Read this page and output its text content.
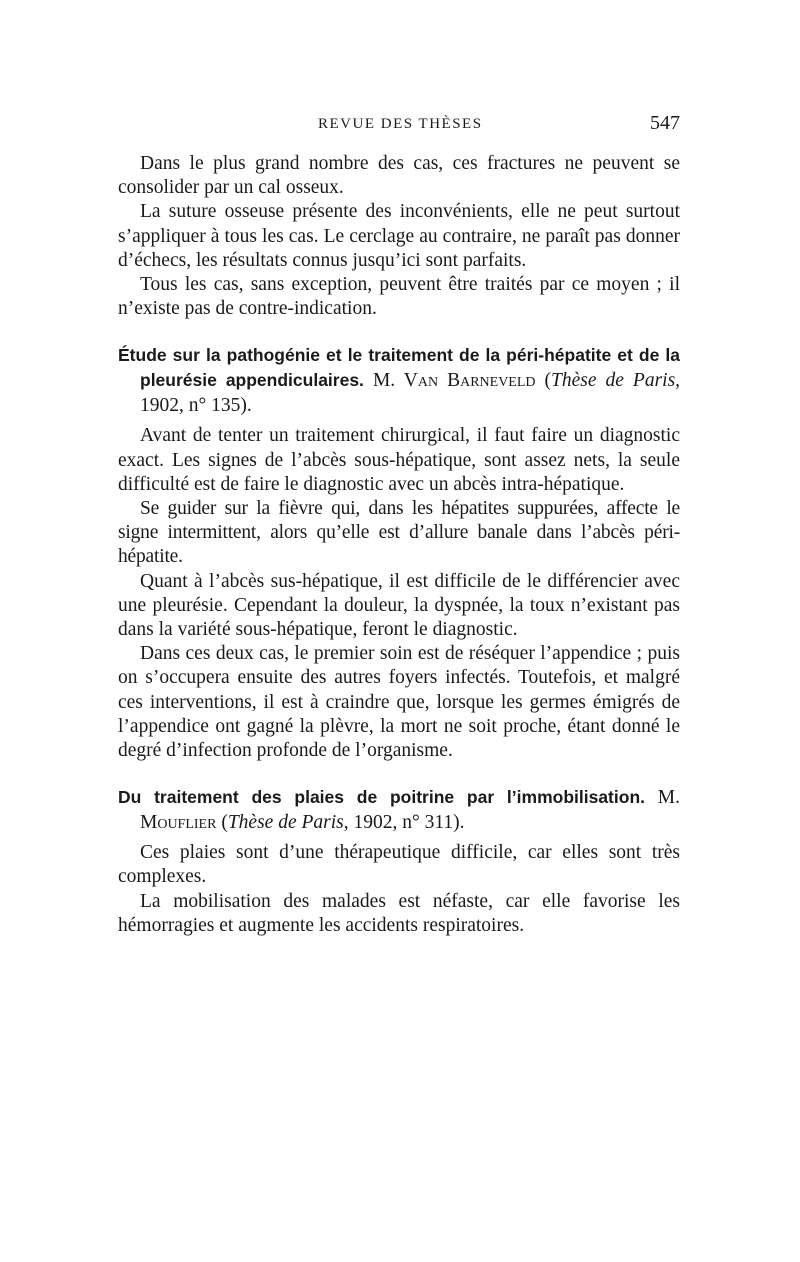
REVUE DES THÈSES	547

Dans le plus grand nombre des cas, ces fractures ne peuvent se consolider par un cal osseux.

La suture osseuse présente des inconvénients, elle ne peut surtout s’appliquer à tous les cas. Le cerclage au contraire, ne paraît pas donner d’échecs, les résultats connus jusqu’ici sont parfaits.

Tous les cas, sans exception, peuvent être traités par ce moyen ; il n’existe pas de contre-indication.

Étude sur la pathogénie et le traitement de la péri-hépatite et de la pleurésie appendiculaires. M. Van Barneveld (Thèse de Paris, 1902, n° 135).

Avant de tenter un traitement chirurgical, il faut faire un diagnostic exact. Les signes de l’abcès sous-hépatique, sont assez nets, la seule difficulté est de faire le diagnostic avec un abcès intra-hépatique.

Se guider sur la fièvre qui, dans les hépatites suppurées, affecte le signe intermittent, alors qu’elle est d’allure banale dans l’abcès péri-hépatite.

Quant à l’abcès sus-hépatique, il est difficile de le différencier avec une pleurésie. Cependant la douleur, la dyspnée, la toux n’existant pas dans la variété sous-hépatique, feront le diagnostic.

Dans ces deux cas, le premier soin est de réséquer l’appendice ; puis on s’occupera ensuite des autres foyers infectés. Toutefois, et malgré ces interventions, il est à craindre que, lorsque les germes émigrés de l’appendice ont gagné la plèvre, la mort ne soit proche, étant donné le degré d’infection profonde de l’organisme.

Du traitement des plaies de poitrine par l’immobilisation. M. Mouflier (Thèse de Paris, 1902, n° 311).

Ces plaies sont d’une thérapeutique difficile, car elles sont très complexes.

La mobilisation des malades est néfaste, car elle favorise les hémorragies et augmente les accidents respiratoires.
